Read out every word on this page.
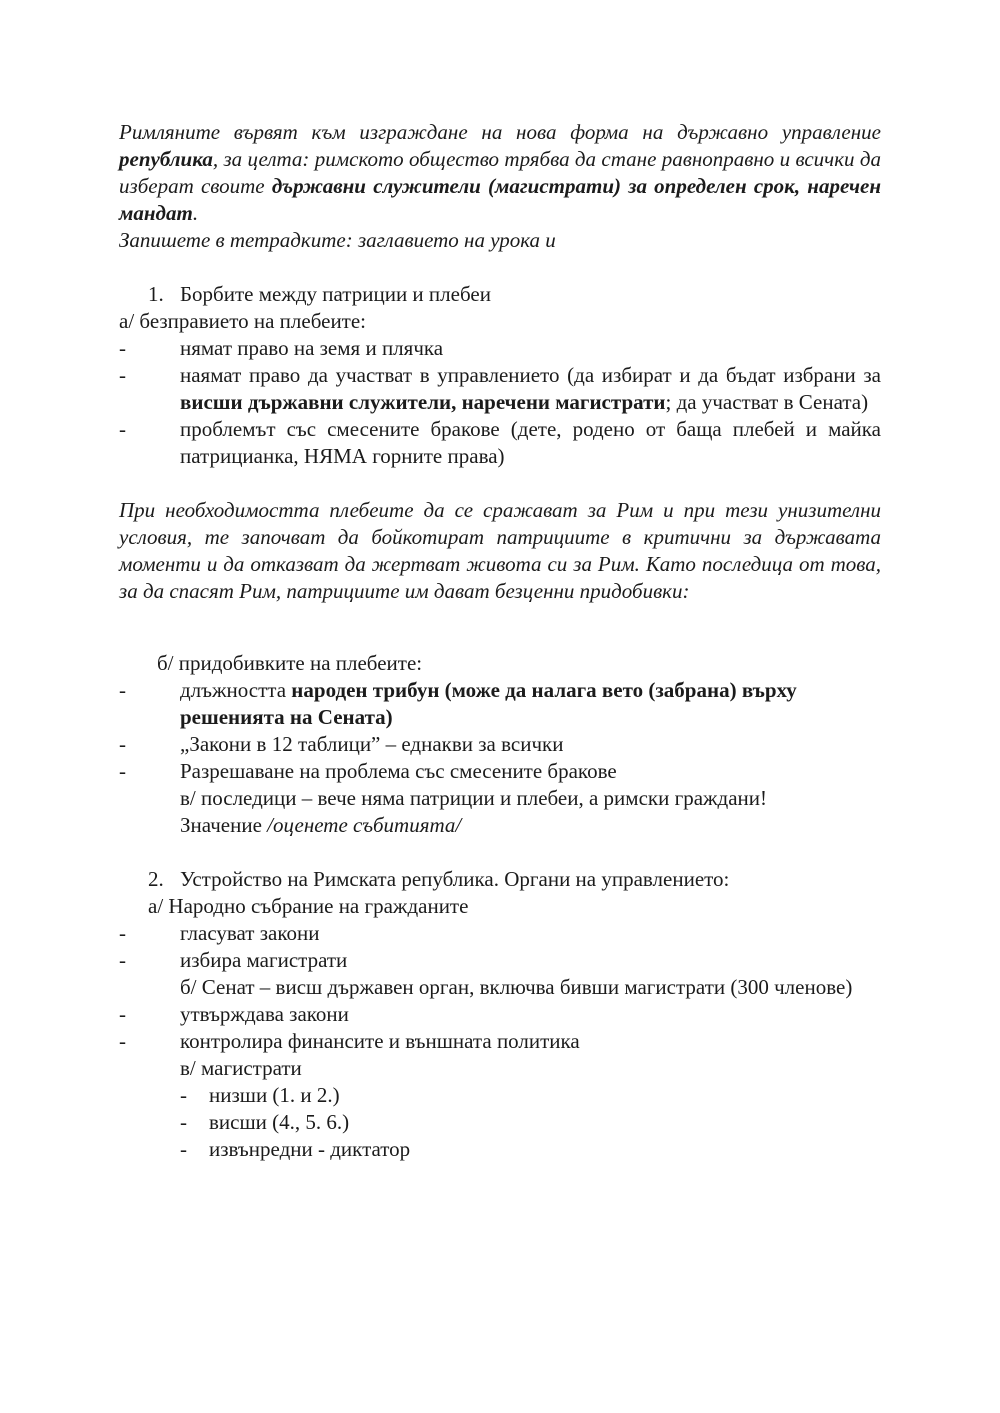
Римляните вървят към изграждане на нова форма на държавно управление република, за целта: римското общество трябва да стане равноправно и всички да изберат своите държавни служители (магистрати) за определен срок, наречен мандат.

Запишете в тетрадките: заглавието на урока и

1. Борбите между патриции и плебеи

а/ безправието на плебеите:

-	нямат право на земя и плячка
-	наямат право да участват в управлението (да избират и да бъдат избрани за висши държавни служители, наречени магистрати; да участват в Сената)
-	проблемът със смесените бракове (дете, родено от баща плебей и майка патрицианка, НЯМА горните права)

При необходимостта плебеите да се сражават за Рим и при тези унизителни условия, те започват да бойкотират патрициите в критични за държавата моменти и да отказват да жертват живота си за Рим. Като последица от това, за да спасят Рим, патрициите им дават безценни придобивки:

б/ придобивките на плебеите:

-	длъжността народен трибун (може да налага вето (забрана) върху решенията на Сената)
-	„Закони в 12 таблици” – еднакви за всички
-	Разрешаване на проблема със смесените бракове

в/ последици – вече няма патриции и плебеи, а римски граждани!

Значение /оценете събитията/

2. Устройство на Римската република. Органи на управлението:

а/ Народно събрание на гражданите

-	гласуват закони
-	избира магистрати

б/ Сенат – висш държавен орган, включва бивши магистрати (300 членове)

-	утвърждава закони
-	контролира финансите и външната политика

в/ магистрати

-	низши (1. и 2.)
-	висши (4., 5. 6.)
-	извънредни - диктатор
